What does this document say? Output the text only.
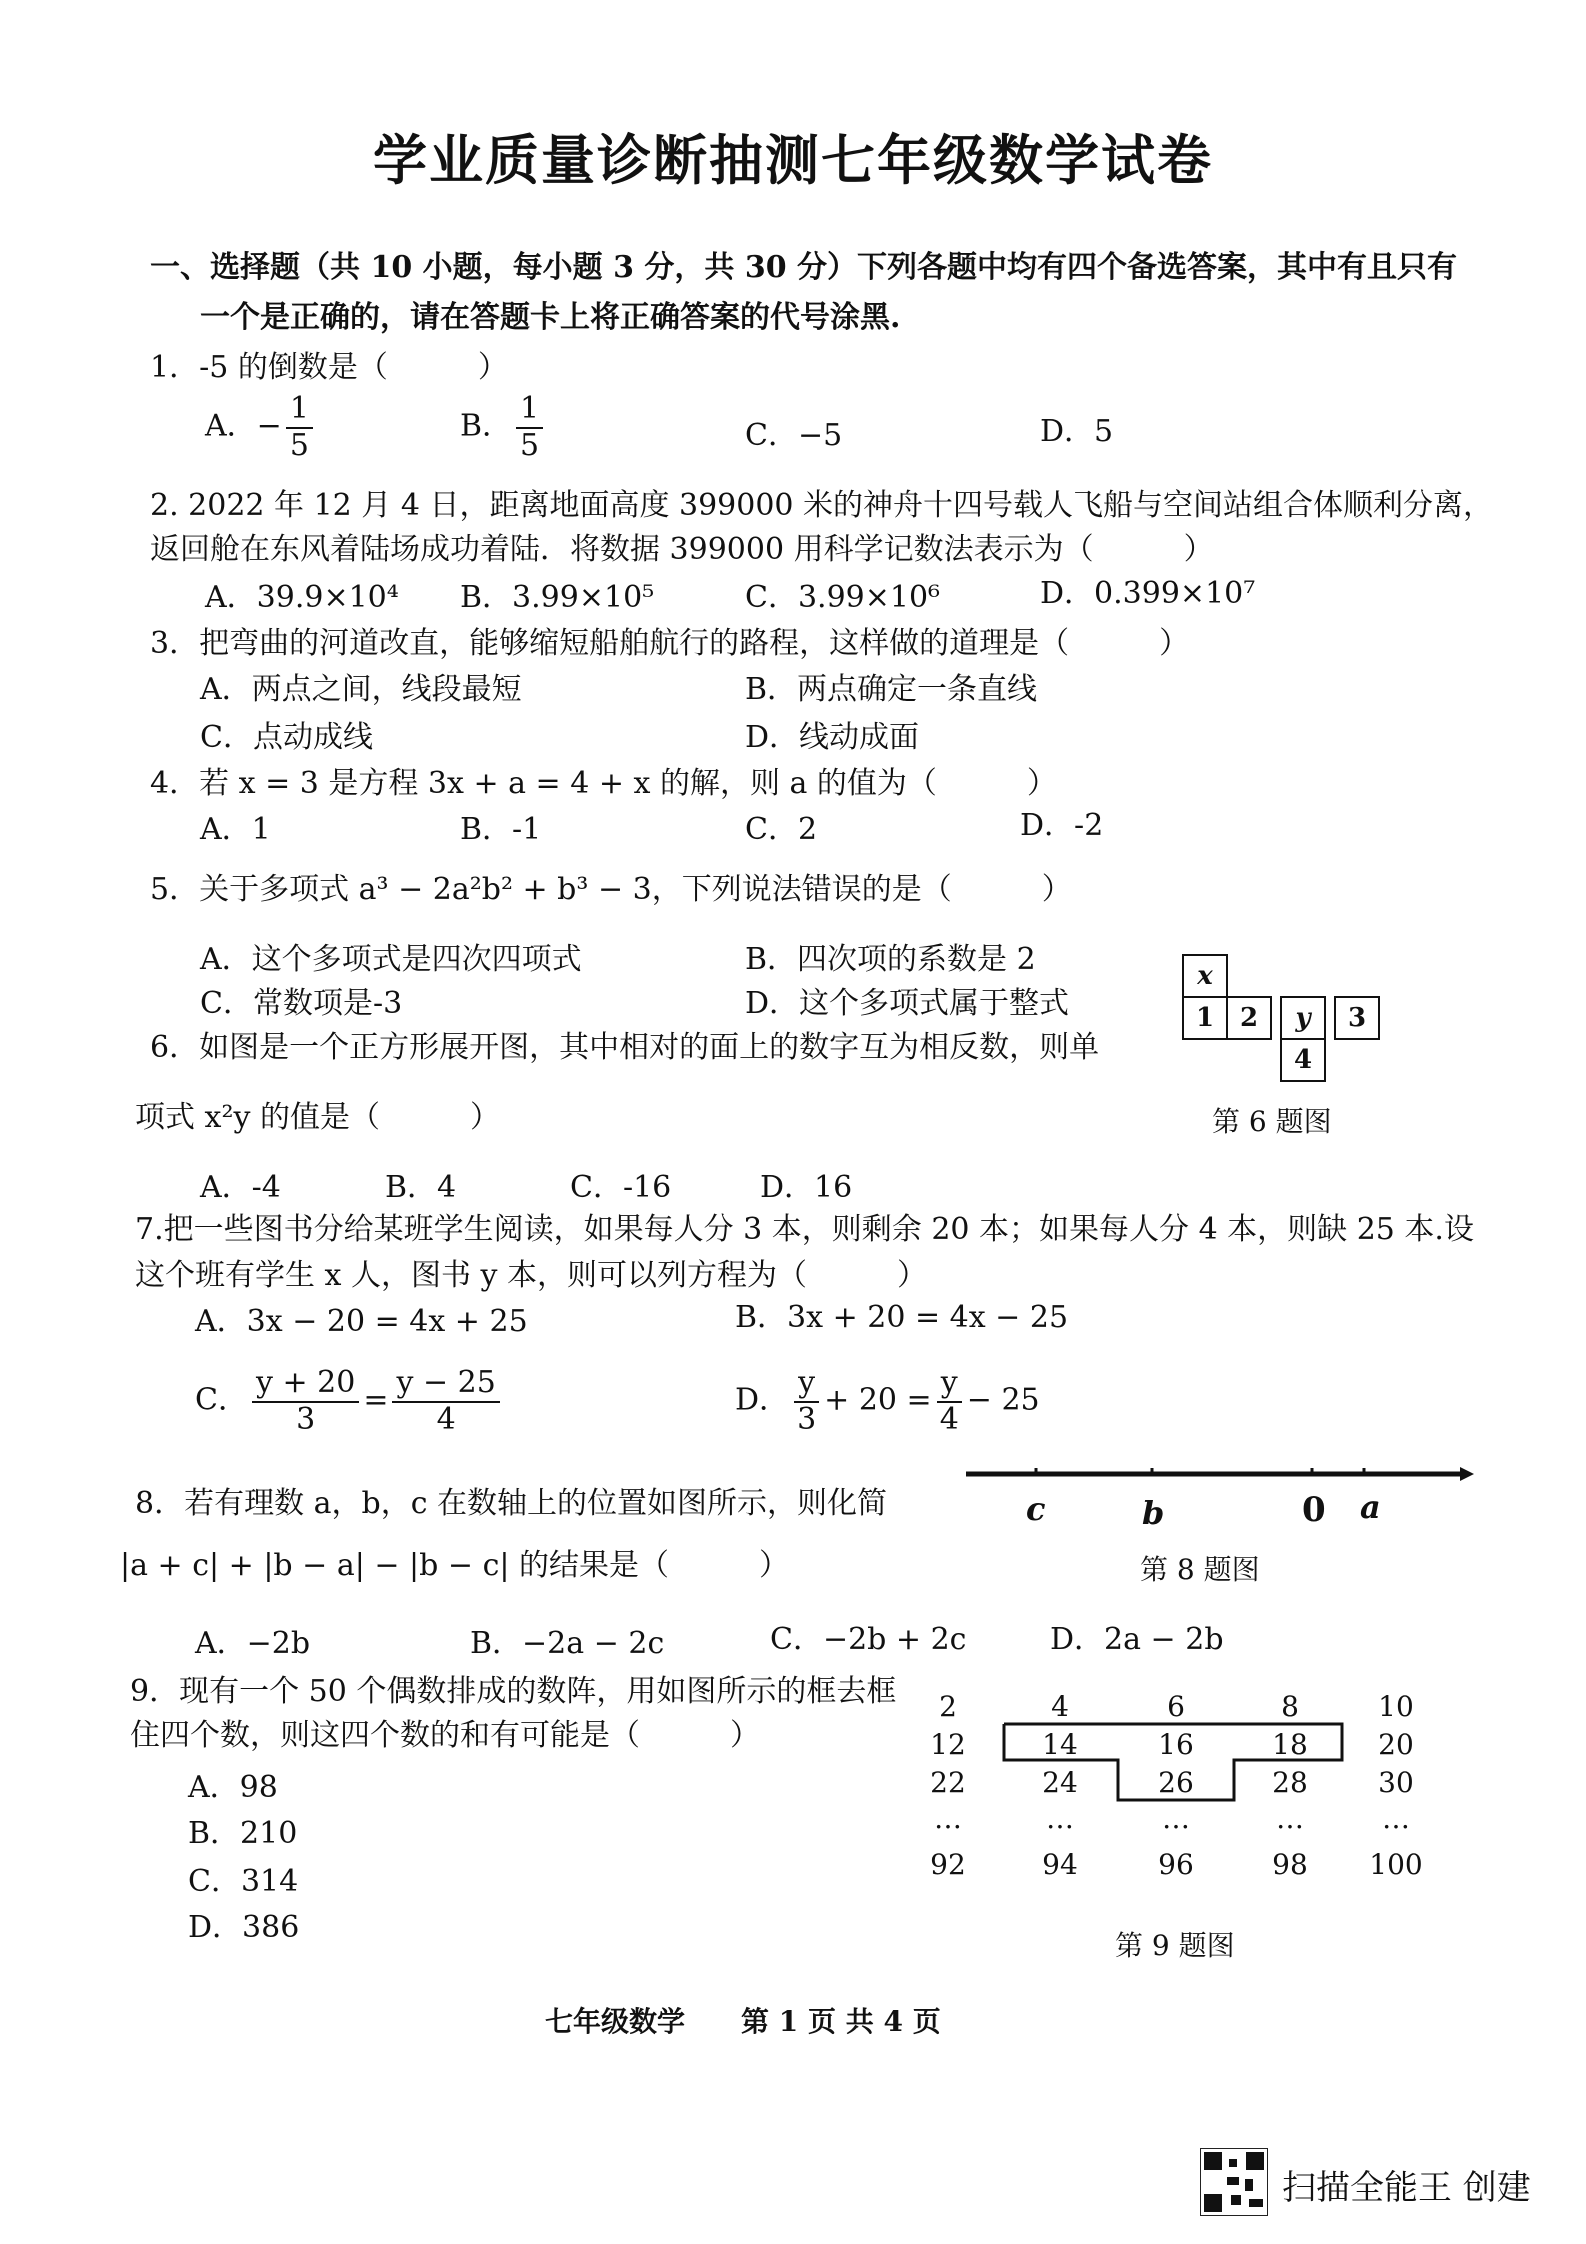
学业质量诊断抽测七年级数学试卷
一、选择题（共 10 小题，每小题 3 分，共 30 分）下列各题中均有四个备选答案，其中有且只有
一个是正确的，请在答题卡上将正确答案的代号涂黑.
1．-5 的倒数是（　　　）
A．− $\frac{1}{5}$	B． $\frac{1}{5}$	C．−5	D．5
2. 2022 年 12 月 4 日，距离地面高度 399000 米的神舟十四号载人飞船与空间站组合体顺利分离，
返回舱在东风着陆场成功着陆．将数据 399000 用科学记数法表示为（　　　）
A．39.9×10⁴ B．3.99×10⁵	C．3.99×10⁶	D．0.399×10⁷
3．把弯曲的河道改直，能够缩短船舶航行的路程，这样做的道理是（　　　）
A．两点之间，线段最短	B．两点确定一条直线
C．点动成线	D．线动成面
4．若 x = 3 是方程 3x + a = 4 + x 的解，则 a 的值为（　　　）
A．1	B．-1	C．2	D．-2
5．关于多项式 a³ − 2a²b² + b³ − 3，下列说法错误的是（　　　）
A．这个多项式是四次四项式	B．四次项的系数是 2
C．常数项是-3	D．这个多项式属于整式
6．如图是一个正方形展开图，其中相对的面上的数字互为相反数，则单
项式 x²y 的值是（　　　）
A．-4	B．4	C．-16	D．16
x
1 2	y	3
4
第 6 题图
7.把一些图书分给某班学生阅读，如果每人分 3 本，则剩余 20 本；如果每人分 4 本，则缺 25 本.设
这个班有学生 x 人，图书 y 本，则可以列方程为（　　　）
A．3x − 20 = 4x + 25	B．3x + 20 = 4x − 25
C． $\frac{y + 20}{3} = \frac{y - 25}{4}$	D． $\frac{y}{3} + 20 = \frac{y}{4} - 25$
8．若有理数 a，b，c 在数轴上的位置如图所示，则化简
|a + c| + |b − a| − |b − c| 的结果是（　　　）
A．−2b	B．−2a − 2c	C．−2b + 2c	D．2a − 2b
c	b	0 a
第 8 题图
9．现有一个 50 个偶数排成的数阵，用如图所示的框去框
住四个数，则这四个数的和有可能是（　　　）
A．98
B．210
C．314
D．386
2	4	6	8	10
12	14	16	18	20
22	24	26	28	30
…	…	…	…	…
92	94	96	98	100
第 9 题图
七年级数学　　第 1 页 共 4 页
扫描全能王 创建
